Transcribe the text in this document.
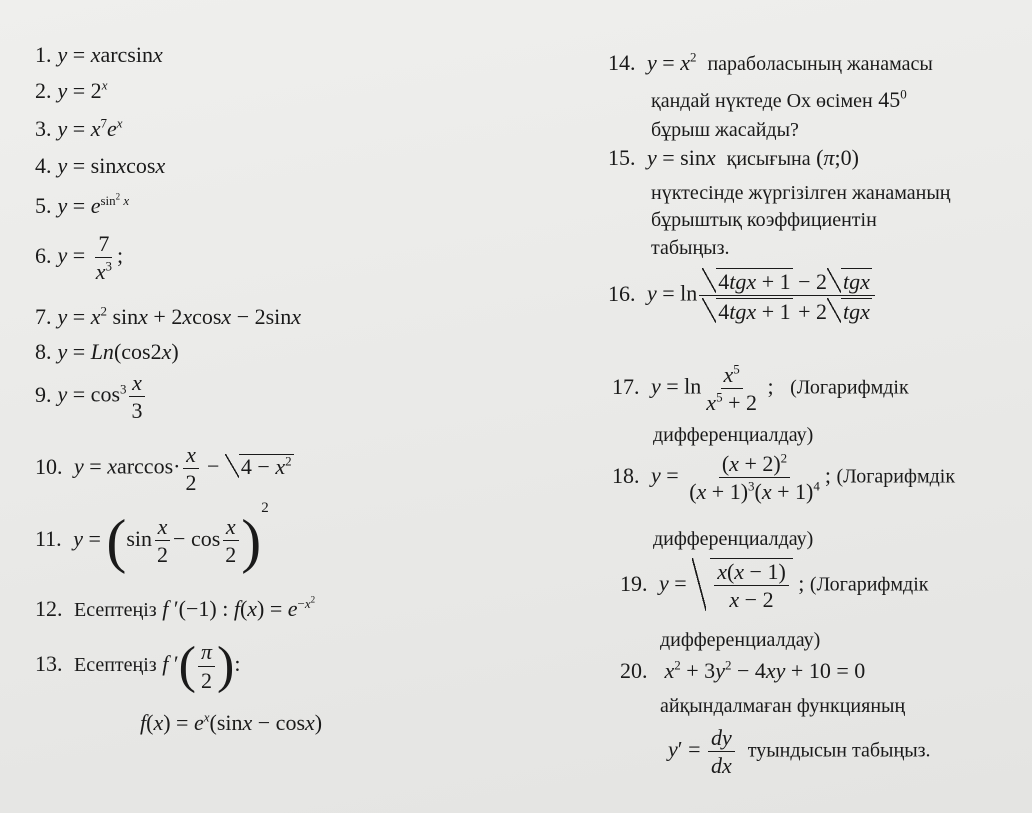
1. y = xarcsinx
2. $y = 2^x$
3. $y = x^7e^x$
4. y = sinxcosx
5. $y = e^{sin^2 x}$
6. $y = \frac{7}{x^3}$ ;
7. $y = x^2$ sinx + 2xcosx − 2sinx
8. y = Ln(cos2x)
9. $y = \cos^3 \frac{x}{3}$
10. $y = xarccos\cdot \frac{x}{2} - 4 - x^2$
11. $y = (\sin \frac{x}{2} - \cos \frac{x}{2} )^2$
12. Есептеңіз f ′(−1) : $f(x) = e^{-x^2}$
13. Есептеңіз f ′( $\frac{\pi}{2}$ ):
$f(x) = e^x(\sin x - \cos x)$
14. $y = x^2$ параболасының жанамасы
қандай нүктеде Ох өсімен $45^0$
бұрыш жасайды?
15. y = sinx қисығына (π;0)
нүктесінде жүргізілген жанаманың
бұрыштық коэффициентін
табыңыз.
16. $y = \ln \frac{\text{4tgx + 1 − 2 tgx}}{\text{4tgx + 1 + 2 tgx}}$
17. $y = \ln \frac{x^5}{x^5 + 2}$ ;   (Логарифмдік
дифференциалдау)
18. $y = \frac{(x + 2)^2}{(x + 1)^3(x + 1)^4}$ ; (Логарифмдік
дифференциалдау)
19. $y = \frac{x(x - 1)}{x - 2}$ ; (Логарифмдік
дифференциалдау)
20. $x^2 + 3y^2 - 4xy + 10 = 0$
айқындалмаған функцияның
$y' = \frac{dy}{dx}$ туындысын табыңыз.
